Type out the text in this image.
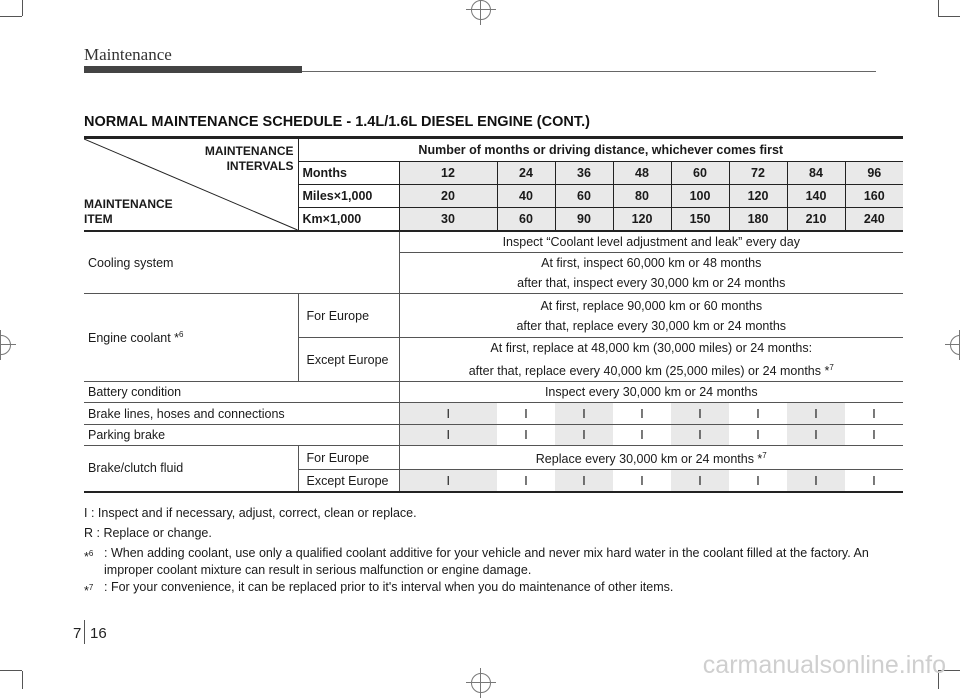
Maintenance
NORMAL MAINTENANCE SCHEDULE - 1.4L/1.6L DIESEL ENGINE (CONT.)
MAINTENANCE
INTERVALS
MAINTENANCE
ITEM	Number of months or driving distance, whichever comes first								
	Months	12	24	36	48	60	72	84	96
	Miles×1,000	20	40	60	80	100	120	140	160
	Km×1,000	30	60	90	120	150	180	210	240
Cooling system		Inspect “Coolant level adjustment and leak” every day							

		At first, inspect 60,000 km or 48 months
after that, inspect every 30,000 km or 24 months							

Engine coolant *$^6$	For Europe	At first, replace 90,000 km or 60 months
after that, replace every 30,000 km or 24 months							

	Except Europe	At first, replace at 48,000 km (30,000 miles) or 24 months:
after that, replace every 40,000 km (25,000 miles) or 24 months *$^7$

Battery condition		Inspect every 30,000 km or 24 months							
Brake lines, hoses and connections		I	I	I	I	I	I	I	I
Parking brake		I	I	I	I	I	I	I	I
Brake/clutch fluid	For Europe	Replace every 30,000 km or 24 months *$^7$
	Except Europe	I	I	I	I	I	I	I	I
I : Inspect and if necessary, adjust, correct, clean or replace.
R : Replace or change.
*$^6$ : When adding coolant, use only a qualified coolant additive for your vehicle and never mix hard water in the coolant filled at the factory. An improper coolant mixture can result in serious malfunction or engine damage.
*$^7$ : For your convenience, it can be replaced prior to it's interval when you do maintenance of other items.
7 16
carmanualsonline.info
